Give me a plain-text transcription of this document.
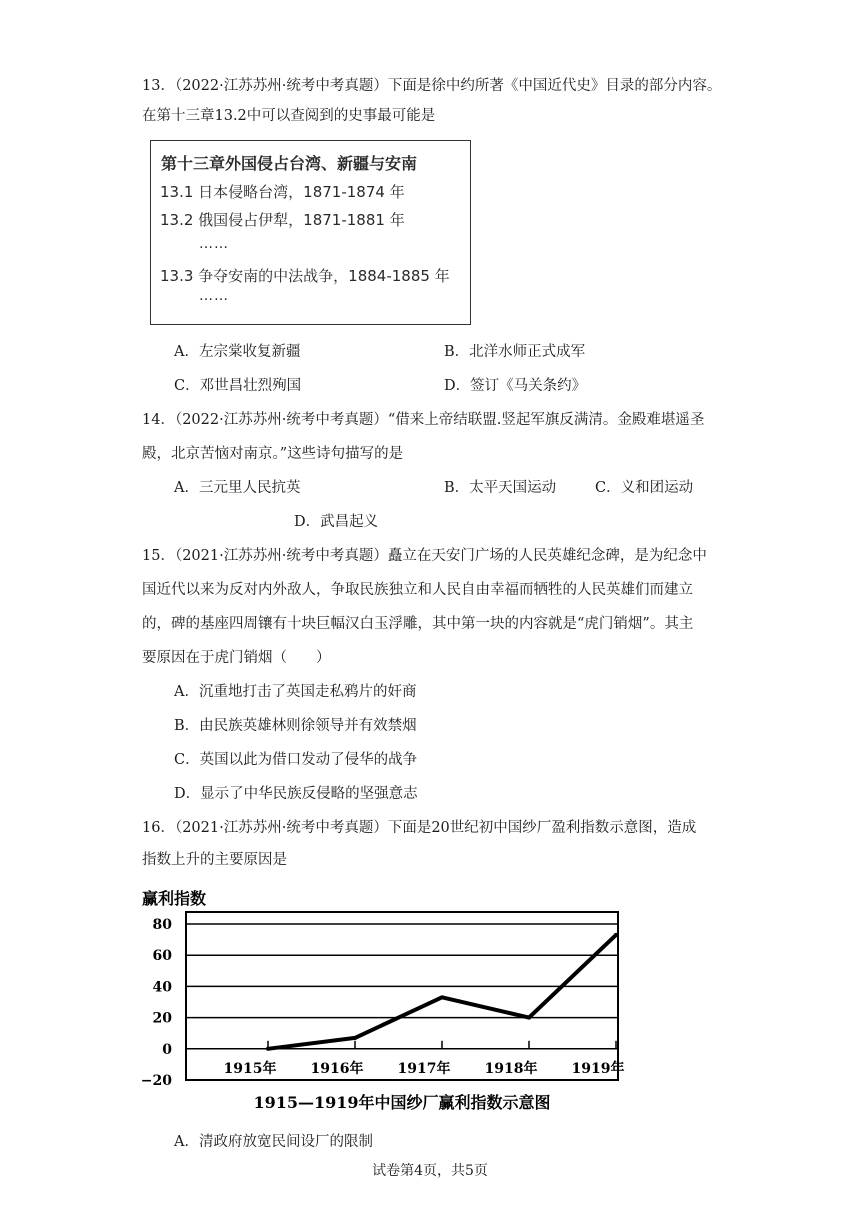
13．（2022·江苏苏州·统考中考真题）下面是徐中约所著《中国近代史》目录的部分内容。
在第十三章13.2中可以查阅到的史事最可能是
第十三章外国侵占台湾、新疆与安南
13.1 日本侵略台湾，1871-1874 年
13.2 俄国侵占伊犁，1871-1881 年
……
13.3 争夺安南的中法战争，1884-1885 年
……
A．左宗棠收复新疆	B．北洋水师正式成军
C．邓世昌壮烈殉国	D．签订《马关条约》
14．（2022·江苏苏州·统考中考真题）“借来上帝结联盟.竖起军旗反满清。金殿难堪遥圣
殿，北京苦恼对南京。”这些诗句描写的是
A．三元里人民抗英	B．太平天国运动	C．义和团运动
D．武昌起义
15．（2021·江苏苏州·统考中考真题）矗立在天安门广场的人民英雄纪念碑，是为纪念中
国近代以来为反对内外敌人，争取民族独立和人民自由幸福而牺牲的人民英雄们而建立
的，碑的基座四周镶有十块巨幅汉白玉浮雕，其中第一块的内容就是“虎门销烟”。其主
要原因在于虎门销烟（　　）
A．沉重地打击了英国走私鸦片的奸商
B．由民族英雄林则徐领导并有效禁烟
C．英国以此为借口发动了侵华的战争
D．显示了中华民族反侵略的坚强意志
16．（2021·江苏苏州·统考中考真题）下面是20世纪初中国纱厂盈利指数示意图，造成
指数上升的主要原因是
赢利指数
80
60
40
20
0
−20
1915年 1916年 1917年 1918年 1919年
1915—1919年中国纱厂赢利指数示意图
A．清政府放宽民间设厂的限制
试卷第4页，共5页
